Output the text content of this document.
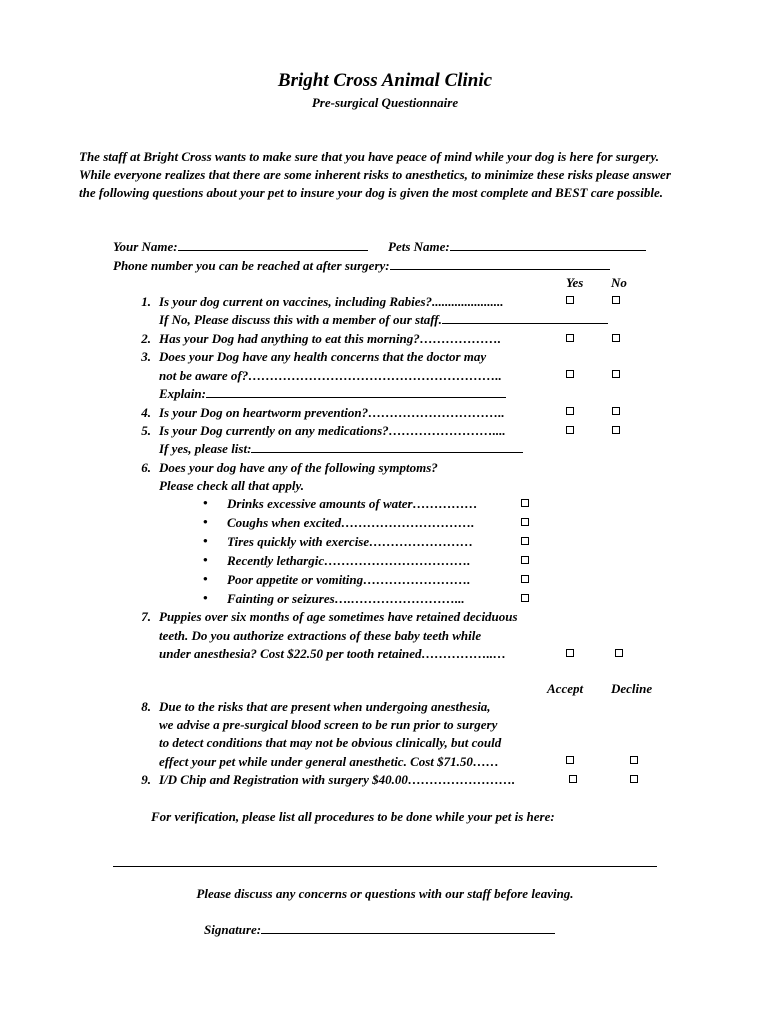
Bright Cross Animal Clinic
Pre-surgical Questionnaire
The staff at Bright Cross wants to make sure that you have peace of mind while your dog is here for surgery. While everyone realizes that there are some inherent risks to anesthetics, to minimize these risks please answer the following questions about your pet to insure your dog is given the most complete and BEST care possible.
Your Name:	Pets Name:
Phone number you can be reached at after surgery:
Yes No
1. Is your dog current on vaccines, including Rabies?......................
If No, Please discuss this with a member of our staff.
2. Has your Dog had anything to eat this morning?……………….
3. Does your Dog have any health concerns that the doctor may
not be aware of?…………………………………………………..
Explain:
4. Is your Dog on heartworm prevention?…………………………..
5. Is your Dog currently on any medications?……………………....
If yes, please list:
6. Does your dog have any of the following symptoms?
Please check all that apply.
• Drinks excessive amounts of water……………
• Coughs when excited………………………….
• Tires quickly with exercise……………………
• Recently lethargic…………………………….
• Poor appetite or vomiting…………………….
• Fainting or seizures….……………………...
7. Puppies over six months of age sometimes have retained deciduous
teeth. Do you authorize extractions of these baby teeth while
under anesthesia? Cost $22.50 per tooth retained……………..…
Accept Decline
8. Due to the risks that are present when undergoing anesthesia,
we advise a pre-surgical blood screen to be run prior to surgery
to detect conditions that may not be obvious clinically, but could
effect your pet while under general anesthetic. Cost $71.50……
9. I/D Chip and Registration with surgery $40.00…………………….
For verification, please list all procedures to be done while your pet is here:
Please discuss any concerns or questions with our staff before leaving.
Signature:
